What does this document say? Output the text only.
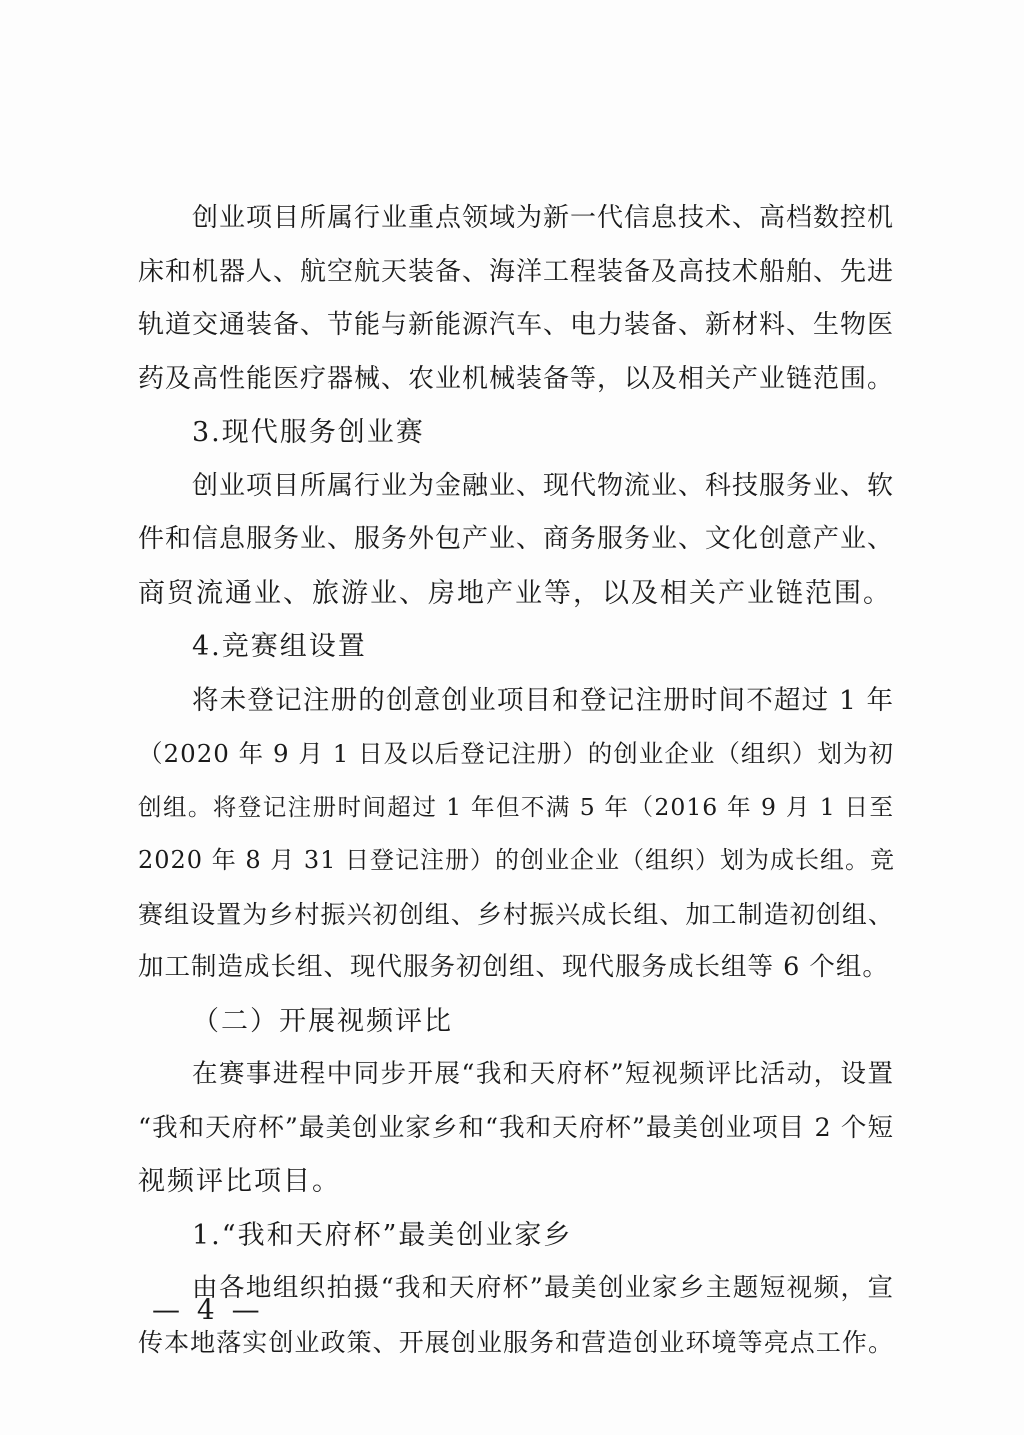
创业项目所属行业重点领域为新一代信息技术、高档数控机
床和机器人、航空航天装备、海洋工程装备及高技术船舶、先进
轨道交通装备、节能与新能源汽车、电力装备、新材料、生物医
药及高性能医疗器械、农业机械装备等，以及相关产业链范围。
3.现代服务创业赛
创业项目所属行业为金融业、现代物流业、科技服务业、软
件和信息服务业、服务外包产业、商务服务业、文化创意产业、
商贸流通业、旅游业、房地产业等，以及相关产业链范围。
4.竞赛组设置
将未登记注册的创意创业项目和登记注册时间不超过 1 年
（2020 年 9 月 1 日及以后登记注册）的创业企业（组织）划为初
创组。将登记注册时间超过 1 年但不满 5 年（2016 年 9 月 1 日至
2020 年 8 月 31 日登记注册）的创业企业（组织）划为成长组。竞
赛组设置为乡村振兴初创组、乡村振兴成长组、加工制造初创组、
加工制造成长组、现代服务初创组、现代服务成长组等 6 个组。
（二）开展视频评比
在赛事进程中同步开展“我和天府杯”短视频评比活动，设置
“我和天府杯”最美创业家乡和“我和天府杯”最美创业项目 2 个短
视频评比项目。
1.“我和天府杯”最美创业家乡
由各地组织拍摄“我和天府杯”最美创业家乡主题短视频，宣
传本地落实创业政策、开展创业服务和营造创业环境等亮点工作。
— 4 —
